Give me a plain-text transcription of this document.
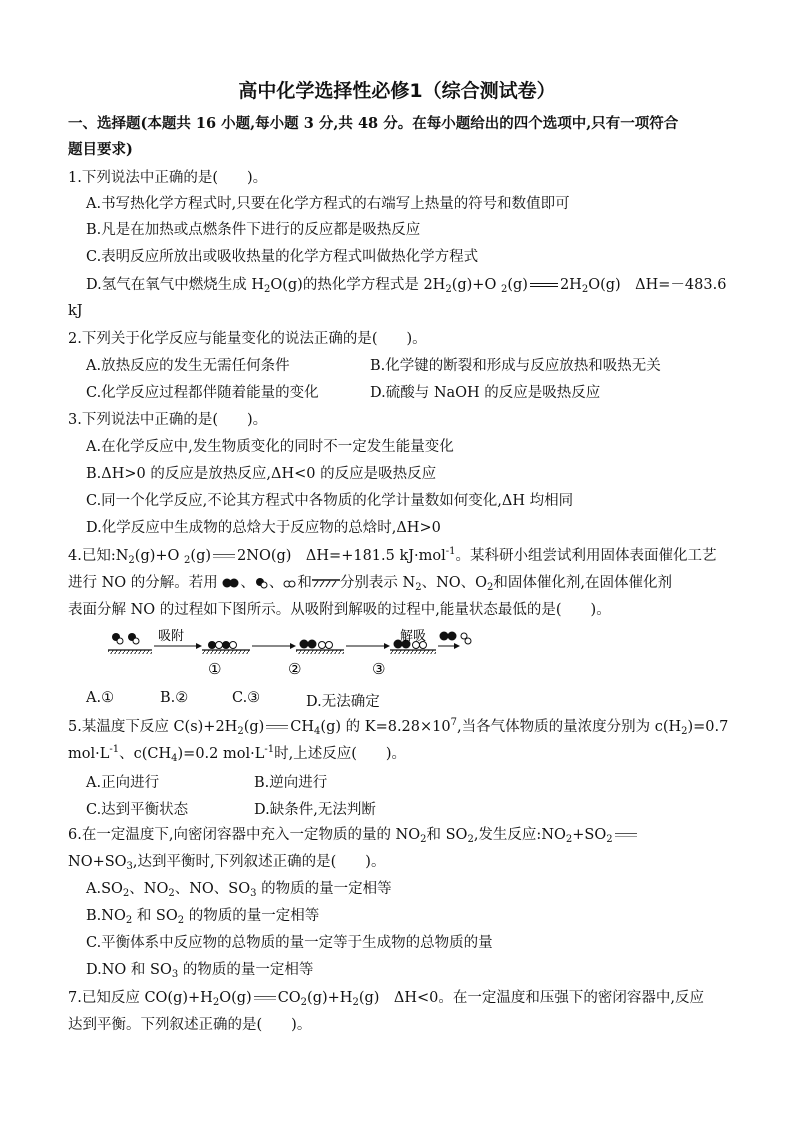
高中化学选择性必修1（综合测试卷）
一、选择题(本题共 16 小题,每小题 3 分,共 48 分。在每小题给出的四个选项中,只有一项符合
题目要求)
1.下列说法中正确的是(　　)。
A.书写热化学方程式时,只要在化学方程式的右端写上热量的符号和数值即可
B.凡是在加热或点燃条件下进行的反应都是吸热反应
C.表明反应所放出或吸收热量的化学方程式叫做热化学方程式
D.氢气在氧气中燃烧生成 $H_2O(g)$的热化学方程式是 $2H_2(g)+O$ $_2$(g) $2H_2O(g)$　ΔH=－483.6
kJ
2.下列关于化学反应与能量变化的说法正确的是(　　)。
A.放热反应的发生无需任何条件	B.化学键的断裂和形成与反应放热和吸热无关
C.化学反应过程都伴随着能量的变化	D.硫酸与 NaOH 的反应是吸热反应
3.下列说法中正确的是(　　)。
A.在化学反应中,发生物质变化的同时不一定发生能量变化
B.ΔH>0 的反应是放热反应,ΔH<0 的反应是吸热反应
C.同一个化学反应,不论其方程式中各物质的化学计量数如何变化,ΔH 均相同
D.化学反应中生成物的总焓大于反应物的总焓时,ΔH>0
4.已知$:N_2(g)+O$ $_2$(g) 2NO(g)　ΔH=+181.5 kJ·mol$^{-1}$。某科研小组尝试利用固体表面催化工艺
进行 NO 的分解。若用 、 、 和 分别表示 $N_2$、NO、$O_2$和固体催化剂,在固体催化剂
表面分解 NO 的过程如下图所示。从吸附到解吸的过程中,能量状态最低的是(　　)。
吸附	解吸
①	②	③
A.①	B.②	C.③	D.无法确定
5.某温度下反应 $C(s)+2H_2(g)$ $CH_4(g)$ 的 $K=8.28\times 10^7$,当各气体物质的量浓度分别为 $c(H_2)=0.7$
$mol\cdot L^{-1}$、$c(CH_4)=0.2$ $mol\cdot L^{-1}$时,上述反应(　　)。
A.正向进行	B.逆向进行
C.达到平衡状态	D.缺条件,无法判断
6.在一定温度下,向密闭容器中充入一定物质的量的 $NO_2$和 $SO_2$,发生反应$:NO_2+SO_2$
$NO+SO_3$,达到平衡时,下列叙述正确的是(　　)。
$A.SO_2$、$NO_2$、NO、$SO_3$ 的物质的量一定相等
$B.NO_2$ 和 $SO_2$ 的物质的量一定相等
C.平衡体系中反应物的总物质的量一定等于生成物的总物质的量
D.NO 和 $SO_3$ 的物质的量一定相等
7.已知反应 $CO(g)+H_2O(g)$ $CO_2(g)+H_2(g)$　ΔH<0。在一定温度和压强下的密闭容器中,反应
达到平衡。下列叙述正确的是(　　)。
